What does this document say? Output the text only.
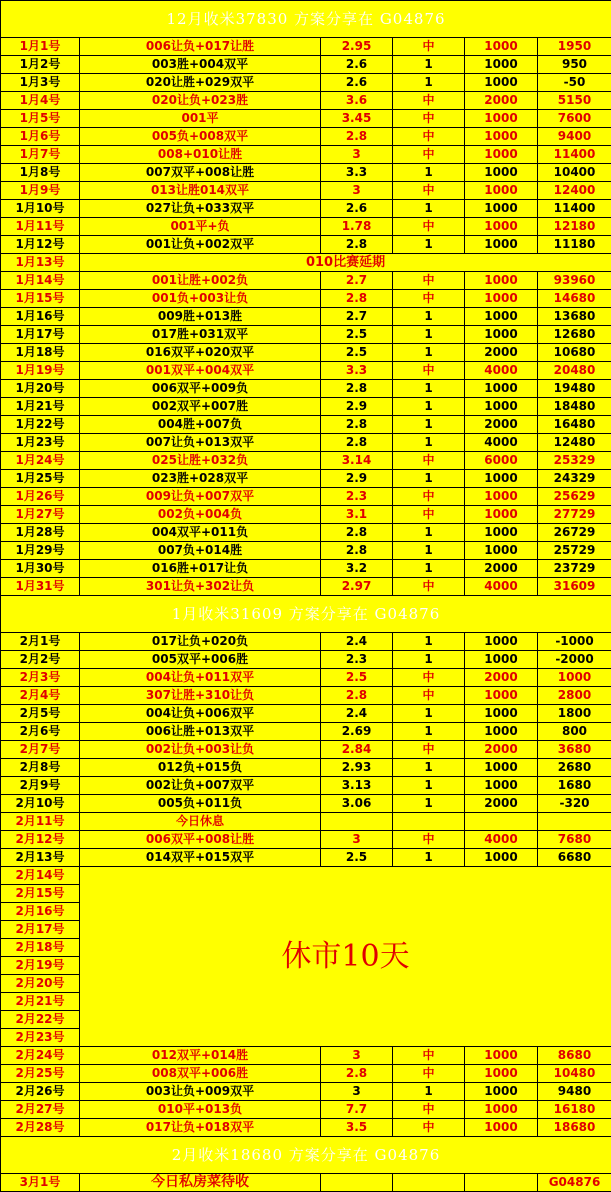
12月收米37830 方案分享在 G04876					
1月1号	006让负+017让胜	2.95	中	1000	1950
1月2号	003胜+004双平	2.6	1	1000	950
1月3号	020让胜+029双平	2.6	1	1000	-50
1月4号	020让负+023胜	3.6	中	2000	5150
1月5号	001平	3.45	中	1000	7600
1月6号	005负+008双平	2.8	中	1000	9400
1月7号	008+010让胜	3	中	1000	11400
1月8号	007双平+008让胜	3.3	1	1000	10400
1月9号	013让胜014双平	3	中	1000	12400
1月10号	027让负+033双平	2.6	1	1000	11400
1月11号	001平+负	1.78	中	1000	12180
1月12号	001让负+002双平	2.8	1	1000	11180
1月13号	010比赛延期				
1月14号	001让胜+002负	2.7	中	1000	93960
1月15号	001负+003让负	2.8	中	1000	14680
1月16号	009胜+013胜	2.7	1	1000	13680
1月17号	017胜+031双平	2.5	1	1000	12680
1月18号	016双平+020双平	2.5	1	2000	10680
1月19号	001双平+004双平	3.3	中	4000	20480
1月20号	006双平+009负	2.8	1	1000	19480
1月21号	002双平+007胜	2.9	1	1000	18480
1月22号	004胜+007负	2.8	1	2000	16480
1月23号	007让负+013双平	2.8	1	4000	12480
1月24号	025让胜+032负	3.14	中	6000	25329
1月25号	023胜+028双平	2.9	1	1000	24329
1月26号	009让负+007双平	2.3	中	1000	25629
1月27号	002负+004负	3.1	中	1000	27729
1月28号	004双平+011负	2.8	1	1000	26729
1月29号	007负+014胜	2.8	1	1000	25729
1月30号	016胜+017让负	3.2	1	2000	23729
1月31号	301让负+302让负	2.97	中	4000	31609
1月收米31609 方案分享在 G04876					
2月1号	017让负+020负	2.4	1	1000	-1000
2月2号	005双平+006胜	2.3	1	1000	-2000
2月3号	004让负+011双平	2.5	中	2000	1000
2月4号	307让胜+310让负	2.8	中	1000	2800
2月5号	004让负+006双平	2.4	1	1000	1800
2月6号	006让胜+013双平	2.69	1	1000	800
2月7号	002让负+003让负	2.84	中	2000	3680
2月8号	012负+015负	2.93	1	1000	2680
2月9号	002让负+007双平	3.13	1	1000	1680
2月10号	005负+011负	3.06	1	2000	-320
2月11号	今日休息				
2月12号	006双平+008让胜	3	中	4000	7680
2月13号	014双平+015双平	2.5	1	1000	6680
2月14号	休市10天				
2月15号					
2月16号					
2月17号					
2月18号					
2月19号					
2月20号					
2月21号					
2月22号					
2月23号					
2月24号	012双平+014胜	3	中	1000	8680
2月25号	008双平+006胜	2.8	中	1000	10480
2月26号	003让负+009双平	3	1	1000	9480
2月27号	010平+013负	7.7	中	1000	16180
2月28号	017让负+018双平	3.5	中	1000	18680
2月收米18680 方案分享在 G04876					
3月1号	今日私房菜待收				G04876
